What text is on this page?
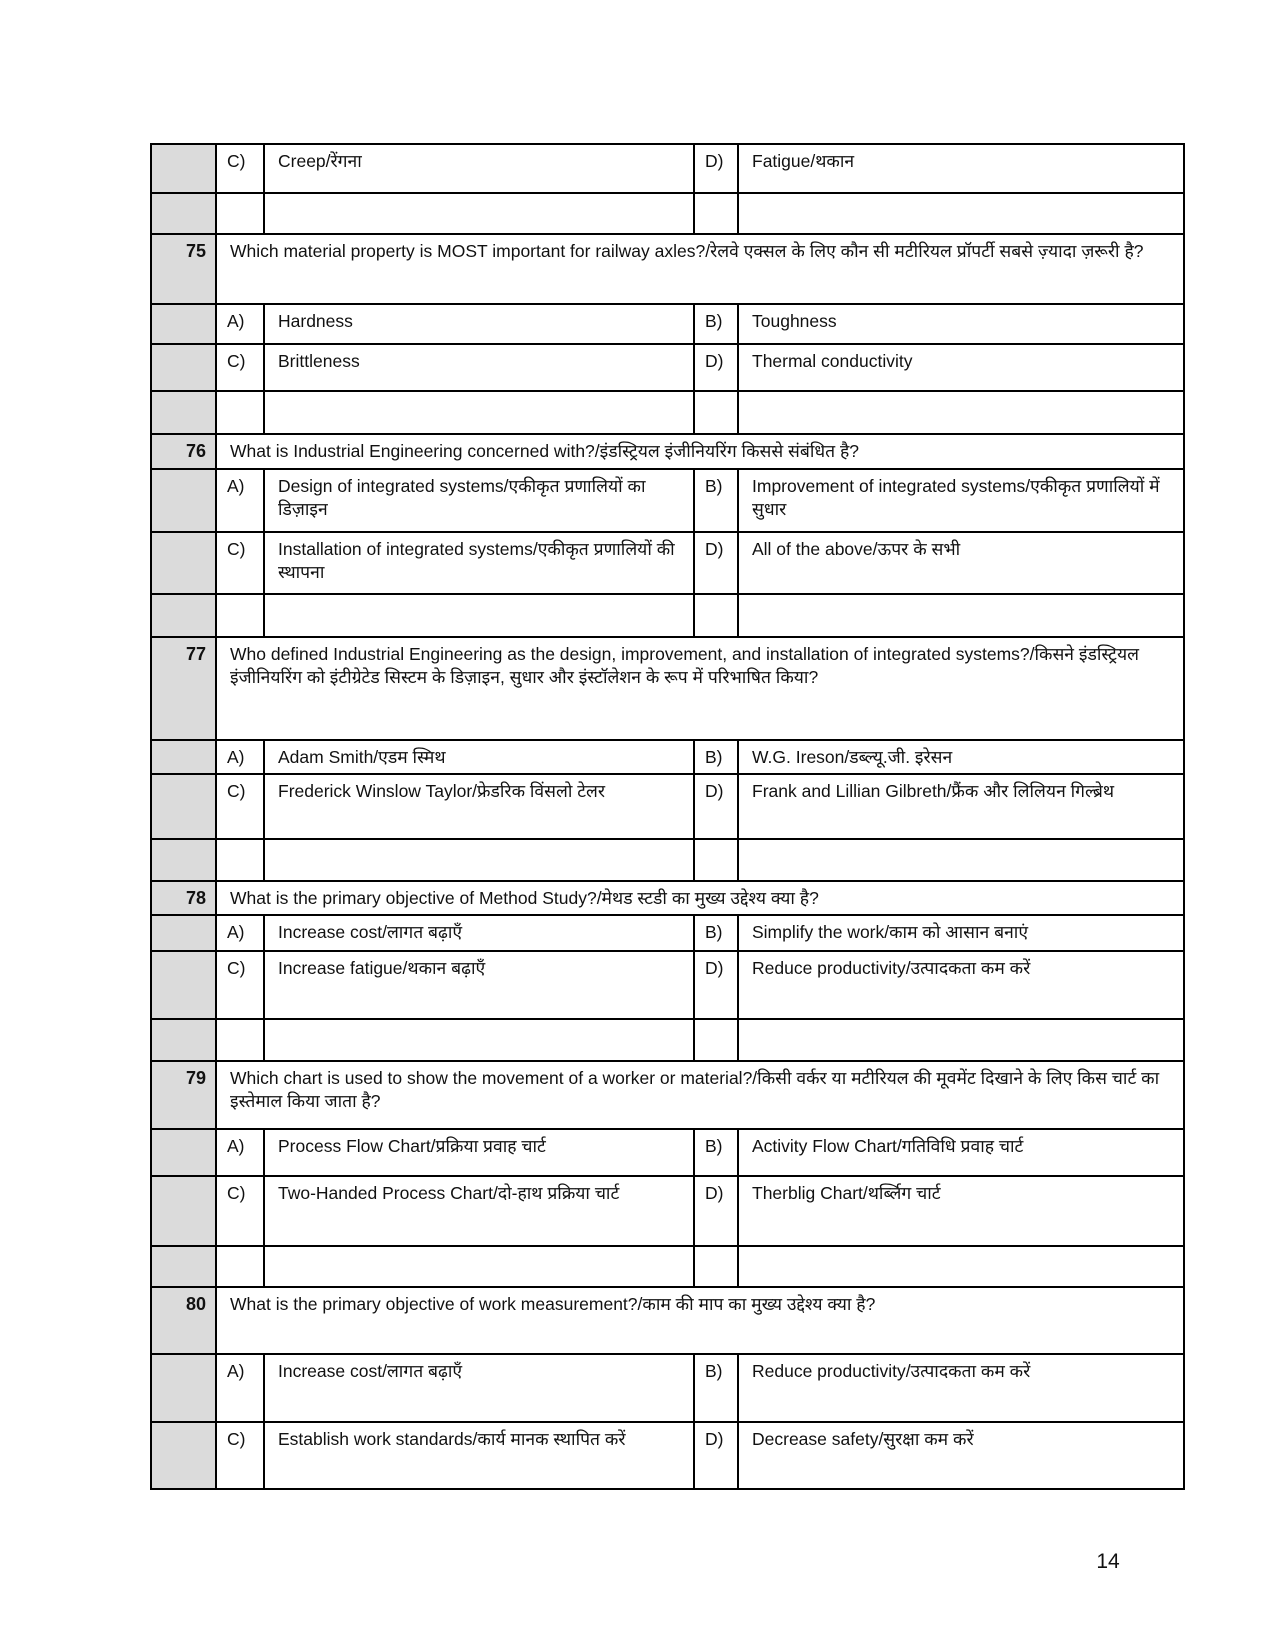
	C)	Creep/रेंगना	D)	Fatigue/थकान

75	Which material property is MOST important for railway axles?/रेलवे एक्सल के लिए कौन सी मटीरियल प्रॉपर्टी सबसे ज़्यादा ज़रूरी है?			
	A)	Hardness	B)	Toughness
	C)	Brittleness	D)	Thermal conductivity

76	What is Industrial Engineering concerned with?/इंडस्ट्रियल इंजीनियरिंग किससे संबंधित है?			
	A)	Design of integrated systems/एकीकृत प्रणालियों का डिज़ाइन	B)	Improvement of integrated systems/एकीकृत प्रणालियों में सुधार
	C)	Installation of integrated systems/एकीकृत प्रणालियों की स्थापना	D)	All of the above/ऊपर के सभी

77	Who defined Industrial Engineering as the design, improvement, and installation of integrated systems?/किसने इंडस्ट्रियल इंजीनियरिंग को इंटीग्रेटेड सिस्टम के डिज़ाइन, सुधार और इंस्टॉलेशन के रूप में परिभाषित किया?			
	A)	Adam Smith/एडम स्मिथ	B)	W.G. Ireson/डब्ल्यू.जी. इरेसन
	C)	Frederick Winslow Taylor/फ्रेडरिक विंसलो टेलर	D)	Frank and Lillian Gilbreth/फ्रैंक और लिलियन गिल्ब्रेथ

78	What is the primary objective of Method Study?/मेथड स्टडी का मुख्य उद्देश्य क्या है?			
	A)	Increase cost/लागत बढ़ाएँ	B)	Simplify the work/काम को आसान बनाएं
	C)	Increase fatigue/थकान बढ़ाएँ	D)	Reduce productivity/उत्पादकता कम करें

79	Which chart is used to show the movement of a worker or material?/किसी वर्कर या मटीरियल की मूवमेंट दिखाने के लिए किस चार्ट का इस्तेमाल किया जाता है?			
	A)	Process Flow Chart/प्रक्रिया प्रवाह चार्ट	B)	Activity Flow Chart/गतिविधि प्रवाह चार्ट
	C)	Two-Handed Process Chart/दो-हाथ प्रक्रिया चार्ट	D)	Therblig Chart/थर्ब्लिग चार्ट

80	What is the primary objective of work measurement?/काम की माप का मुख्य उद्देश्य क्या है?			
	A)	Increase cost/लागत बढ़ाएँ	B)	Reduce productivity/उत्पादकता कम करें
	C)	Establish work standards/कार्य मानक स्थापित करें	D)	Decrease safety/सुरक्षा कम करें
14
